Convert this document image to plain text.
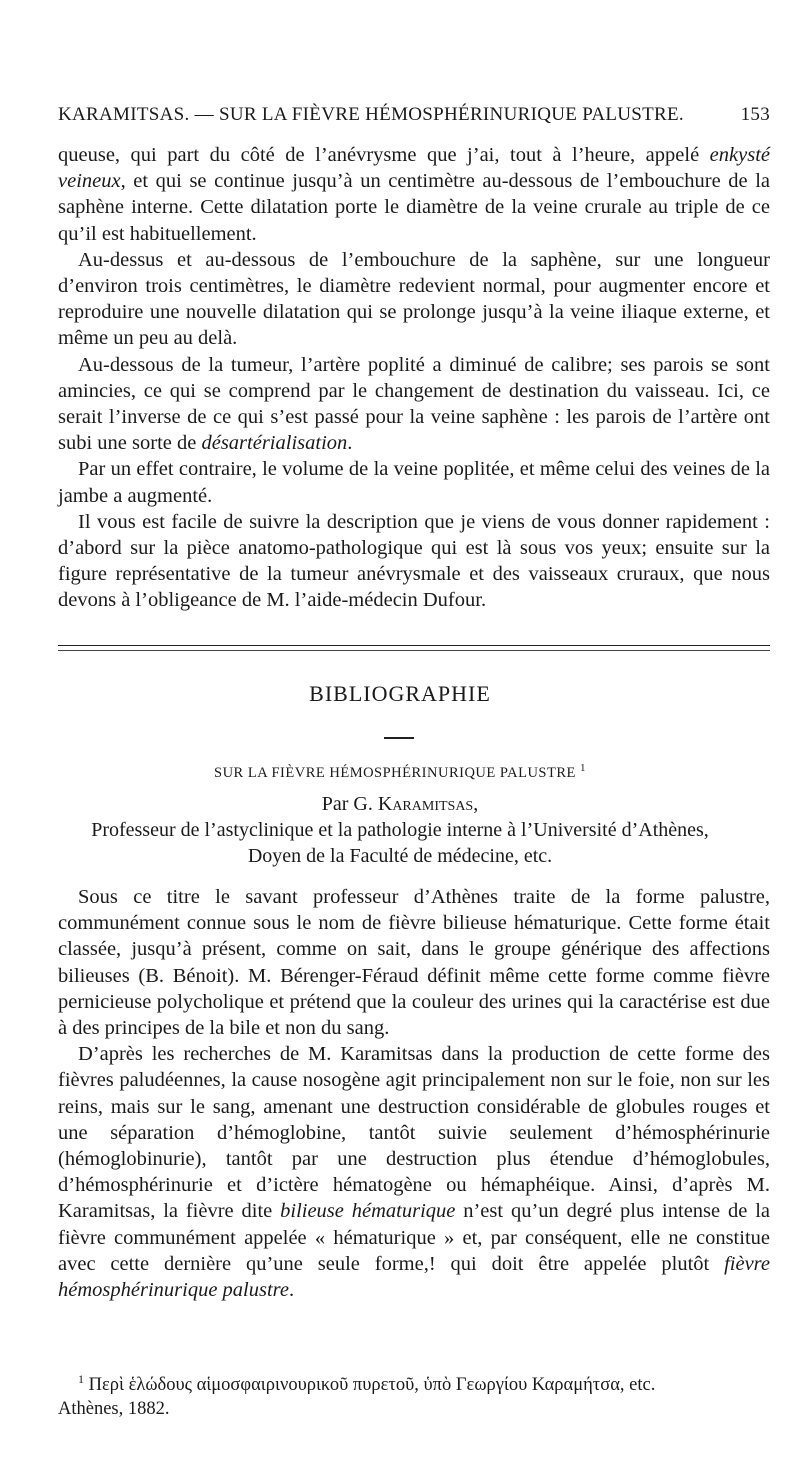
KARAMITSAS. — SUR LA FIÈVRE HÉMOSPHÉRINURIQUE PALUSTRE.	153

queuse, qui part du côté de l’anévrysme que j’ai, tout à l’heure, appelé enkysté veineux, et qui se continue jusqu’à un centimètre au-dessous de l’embouchure de la saphène interne. Cette dilatation porte le diamètre de la veine crurale au triple de ce qu’il est habituellement.

Au-dessus et au-dessous de l’embouchure de la saphène, sur une longueur d’environ trois centimètres, le diamètre redevient normal, pour augmenter encore et reproduire une nouvelle dilatation qui se prolonge jusqu’à la veine iliaque externe, et même un peu au delà.

Au-dessous de la tumeur, l’artère poplité a diminué de calibre; ses parois se sont amincies, ce qui se comprend par le changement de destination du vaisseau. Ici, ce serait l’inverse de ce qui s’est passé pour la veine saphène : les parois de l’artère ont subi une sorte de désartérialisation.

Par un effet contraire, le volume de la veine poplitée, et même celui des veines de la jambe a augmenté.

Il vous est facile de suivre la description que je viens de vous donner rapidement : d’abord sur la pièce anatomo-pathologique qui est là sous vos yeux; ensuite sur la figure représentative de la tumeur anévrysmale et des vaisseaux cruraux, que nous devons à l’obligeance de M. l’aide-médecin Dufour.

BIBLIOGRAPHIE
SUR LA FIÈVRE HÉMOSPHÉRINURIQUE PALUSTRE $^1$
Par G. Karamitsas,
Professeur de l’astyclinique et la pathologie interne à l’Université d’Athènes,
Doyen de la Faculté de médecine, etc.

Sous ce titre le savant professeur d’Athènes traite de la forme palustre, communément connue sous le nom de fièvre bilieuse hématurique. Cette forme était classée, jusqu’à présent, comme on sait, dans le groupe générique des affections bilieuses (B. Bénoit). M. Bérenger-Féraud définit même cette forme comme fièvre pernicieuse polycholique et prétend que la couleur des urines qui la caractérise est due à des principes de la bile et non du sang.

D’après les recherches de M. Karamitsas dans la production de cette forme des fièvres paludéennes, la cause nosogène agit principalement non sur le foie, non sur les reins, mais sur le sang, amenant une destruction considérable de globules rouges et une séparation d’hémoglobine, tantôt suivie seulement d’hémosphérinurie (hémoglobinurie), tantôt par une destruction plus étendue d’hémoglobules, d’hémosphérinurie et d’ictère hématogène ou hémaphéique. Ainsi, d’après M. Karamitsas, la fièvre dite bilieuse hématurique n’est qu’un degré plus intense de la fièvre communément appelée « hématurique » et, par conséquent, elle ne constitue avec cette dernière qu’une seule forme,! qui doit être appelée plutôt fièvre hémosphérinurique palustre.

$^1$ Περὶ ἑλώδους αἱμοσφαιρινουρικοῦ πυρετοῦ, ὑπὸ Γεωργίου Καραμήτσα, etc.
Athènes, 1882.
